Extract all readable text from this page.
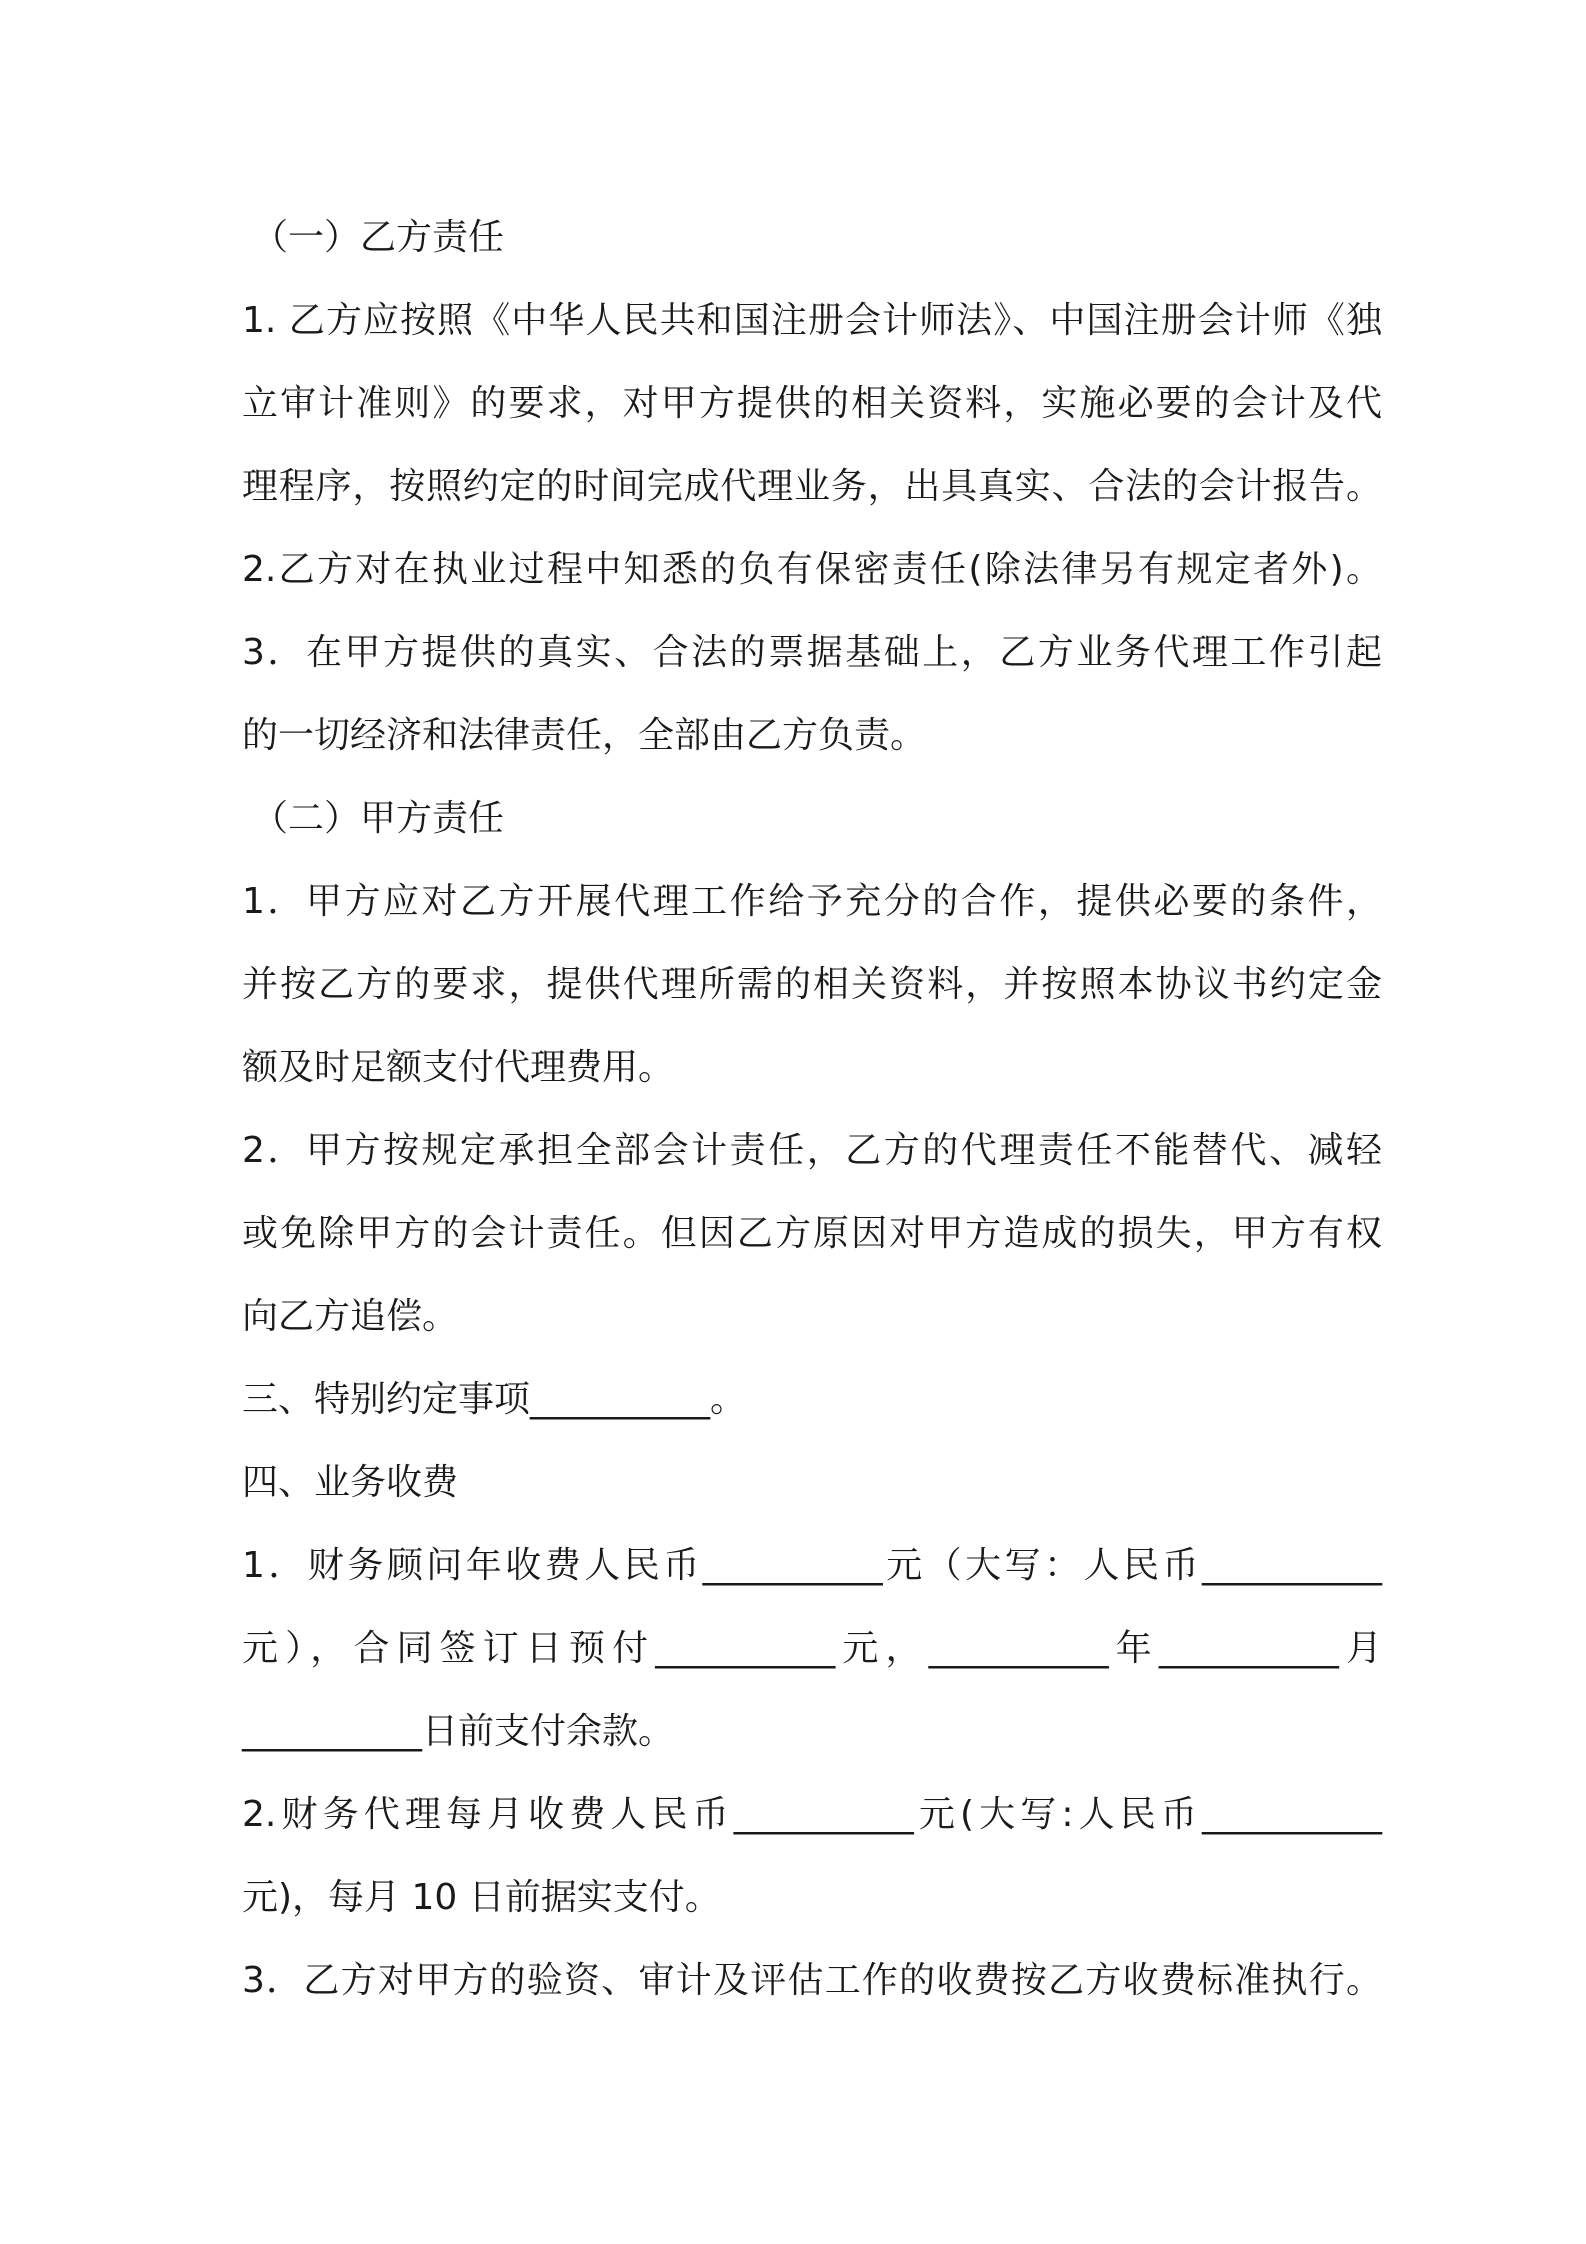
（一）乙方责任
1. 乙方应按照《中华人民共和国注册会计师法》、中国注册会计师《独
立审计准则》的要求，对甲方提供的相关资料，实施必要的会计及代
理程序，按照约定的时间完成代理业务，出具真实、合法的会计报告。
2.乙方对在执业过程中知悉的负有保密责任(除法律另有规定者外)。
3．在甲方提供的真实、合法的票据基础上，乙方业务代理工作引起
的一切经济和法律责任，全部由乙方负责。
（二）甲方责任
1．甲方应对乙方开展代理工作给予充分的合作，提供必要的条件，
并按乙方的要求，提供代理所需的相关资料，并按照本协议书约定金
额及时足额支付代理费用。
2．甲方按规定承担全部会计责任，乙方的代理责任不能替代、减轻
或免除甲方的会计责任。但因乙方原因对甲方造成的损失，甲方有权
向乙方追偿。
三、特别约定事项__________。
四、业务收费
1．财务顾问年收费人民币__________元（大写：人民币__________
元），合同签订日预付__________元，__________年__________月
__________日前支付余款。
2.财务代理每月收费人民币__________元(大写:人民币__________
元)，每月 10 日前据实支付。
3．乙方对甲方的验资、审计及评估工作的收费按乙方收费标准执行。
